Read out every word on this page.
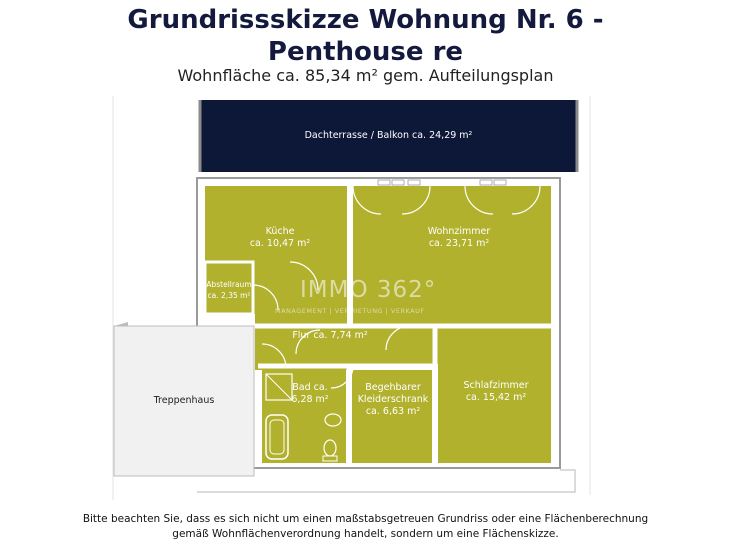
Grundrissskizze Wohnung Nr. 6 -
Penthouse re
Wohnfläche ca. 85,34 m² gem. Aufteilungsplan
IMMO 362°
MANAGEMENT | VERMIETUNG | VERKAUF
Dachterrasse / Balkon ca. 24,29 m²
Küche
ca. 10,47 m²
Wohnzimmer
ca. 23,71 m²
Abstellraum
ca. 2,35 m²
Flur ca. 7,74 m²
Bad ca.
6,28 m²
Begehbarer
Kleiderschrank
ca. 6,63 m²
Schlafzimmer
ca. 15,42 m²
Treppenhaus
Bitte beachten Sie, dass es sich nicht um einen maßstabsgetreuen Grundriss oder eine Flächenberechnung
gemäß Wohnflächenverordnung handelt, sondern um eine Flächenskizze.
